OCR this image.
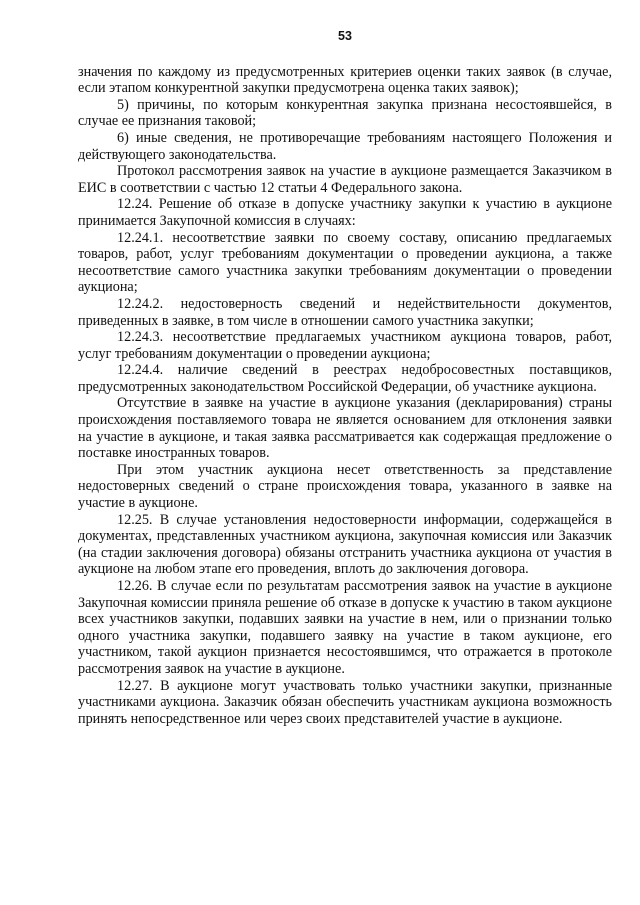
53

значения по каждому из предусмотренных критериев оценки таких заявок (в случае, если этапом конкурентной закупки предусмотрена оценка таких заявок);

5) причины, по которым конкурентная закупка признана несостоявшейся, в случае ее признания таковой;

6) иные сведения, не противоречащие требованиям настоящего Положения и действующего законодательства.

Протокол рассмотрения заявок на участие в аукционе размещается Заказчиком в ЕИС в соответствии с частью 12 статьи 4 Федерального закона.

12.24. Решение об отказе в допуске участнику закупки к участию в аукционе принимается Закупочной комиссия в случаях:

12.24.1. несоответствие заявки по своему составу, описанию предлагаемых товаров, работ, услуг требованиям документации о проведении аукциона, а также несоответствие самого участника закупки требованиям документации о проведении аукциона;

12.24.2. недостоверность сведений и недействительности документов, приведенных в заявке, в том числе в отношении самого участника закупки;

12.24.3. несоответствие предлагаемых участником аукциона товаров, работ, услуг требованиям документации о проведении аукциона;

12.24.4. наличие сведений в реестрах недобросовестных поставщиков, предусмотренных законодательством Российской Федерации, об участнике аукциона.

Отсутствие в заявке на участие в аукционе указания (декларирования) страны происхождения поставляемого товара не является основанием для отклонения заявки на участие в аукционе, и такая заявка рассматривается как содержащая предложение о поставке иностранных товаров.

При этом участник аукциона несет ответственность за представление недостоверных сведений о стране происхождения товара, указанного в заявке на участие в аукционе.

12.25. В случае установления недостоверности информации, содержащейся в документах, представленных участником аукциона, закупочная комиссия или Заказчик (на стадии заключения договора) обязаны отстранить участника аукциона от участия в аукционе на любом этапе его проведения, вплоть до заключения договора.

12.26. В случае если по результатам рассмотрения заявок на участие в аукционе Закупочная комиссии приняла решение об отказе в допуске к участию в таком аукционе всех участников закупки, подавших заявки на участие в нем, или о признании только одного участника закупки, подавшего заявку на участие в таком аукционе, его участником, такой аукцион признается несостоявшимся, что отражается в протоколе рассмотрения заявок на участие в аукционе.

12.27. В аукционе могут участвовать только участники закупки, признанные участниками аукциона. Заказчик обязан обеспечить участникам аукциона возможность принять непосредственное или через своих представителей участие в аукционе.
